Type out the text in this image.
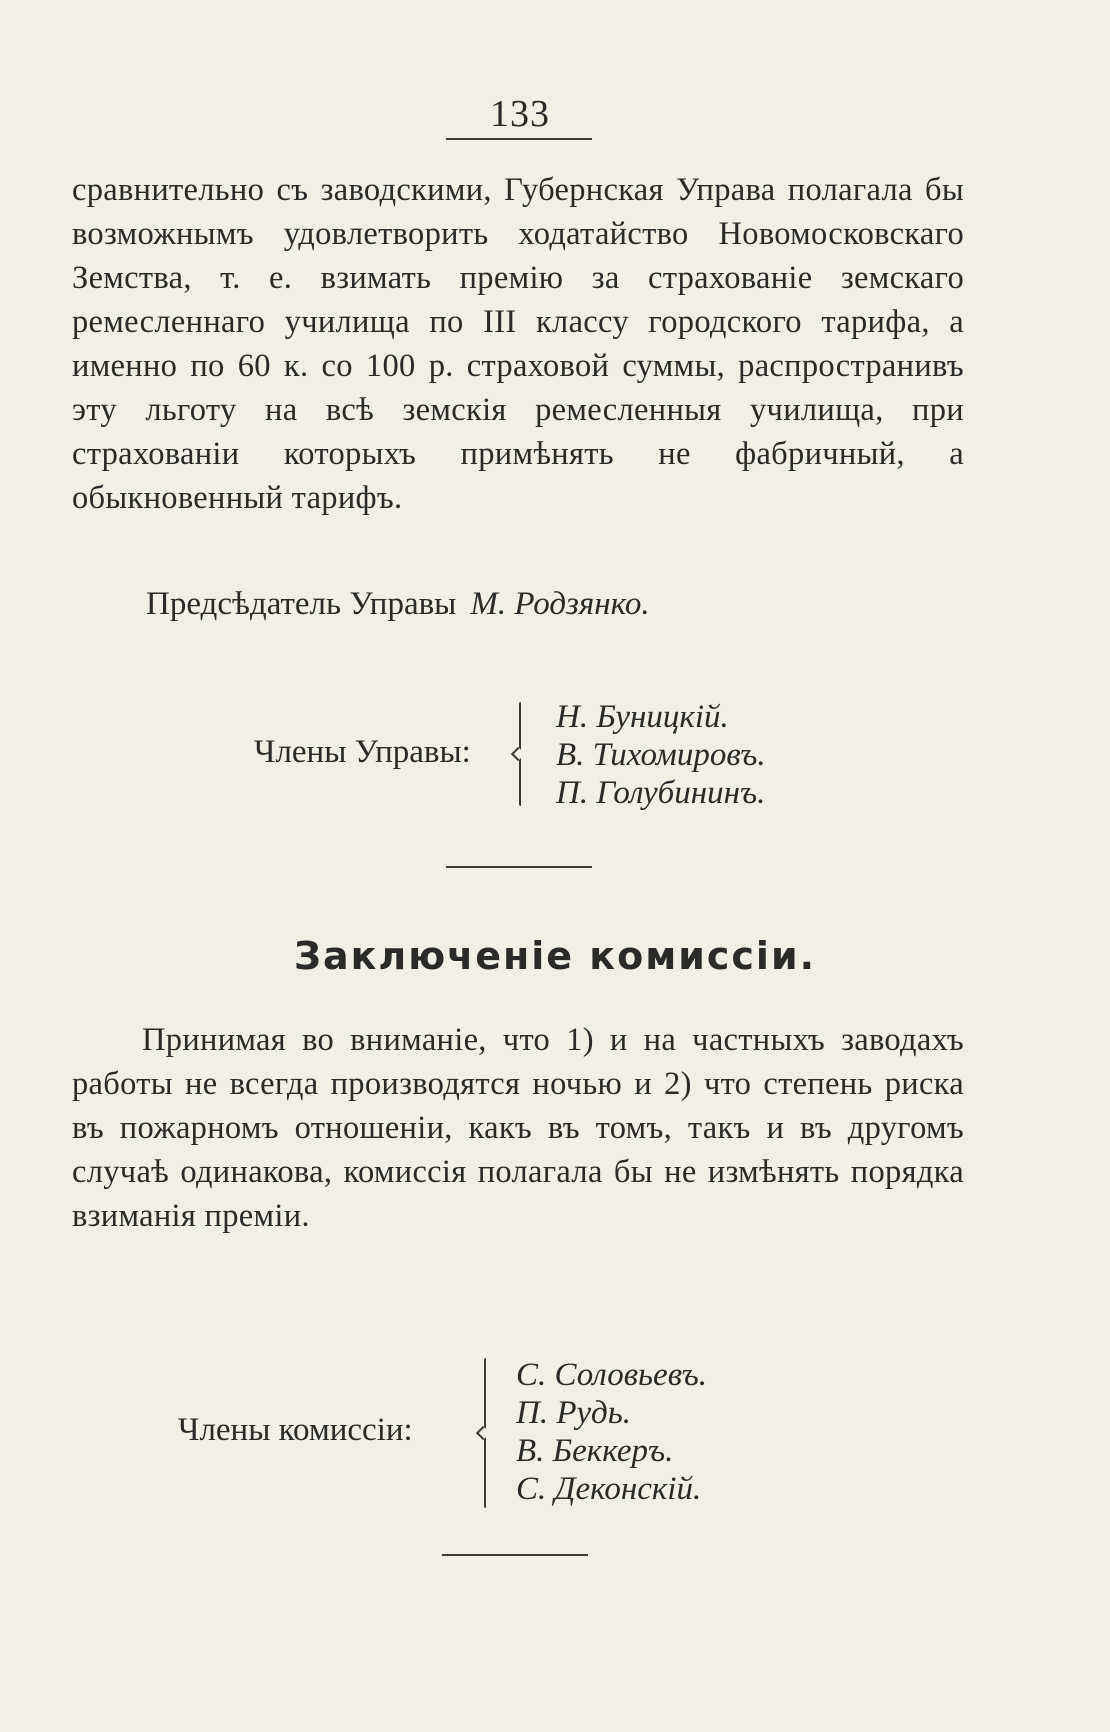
133
сравнительно съ заводскими, Губернская Управа полагала бы возможнымъ удовлетворить ходатайство Новомосковскаго Земства, т. е. взимать премію за страхованіе земскаго ремесленнаго училища по III классу городского тарифа, а именно по 60 к. со 100 р. страховой суммы, распространивъ эту льготу на всѣ земскія ремесленныя училища, при страхованіи которыхъ примѣнять не фабричный, а обыкновенный тарифъ.
Предсѣдатель Управы М. Родзянко.
Члены Управы:
Н. Буницкій.
В. Тихомировъ.
П. Голубининъ.
Заключеніе комиссіи.
Принимая во вниманіе, что 1) и на частныхъ заводахъ работы не всегда производятся ночью и 2) что степень риска въ пожарномъ отношеніи, какъ въ томъ, такъ и въ другомъ случаѣ одинакова, комиссія полагала бы не измѣнять порядка взиманія преміи.
Члены комиссіи:
С. Соловьевъ.
П. Рудь.
В. Беккеръ.
С. Деконскій.
